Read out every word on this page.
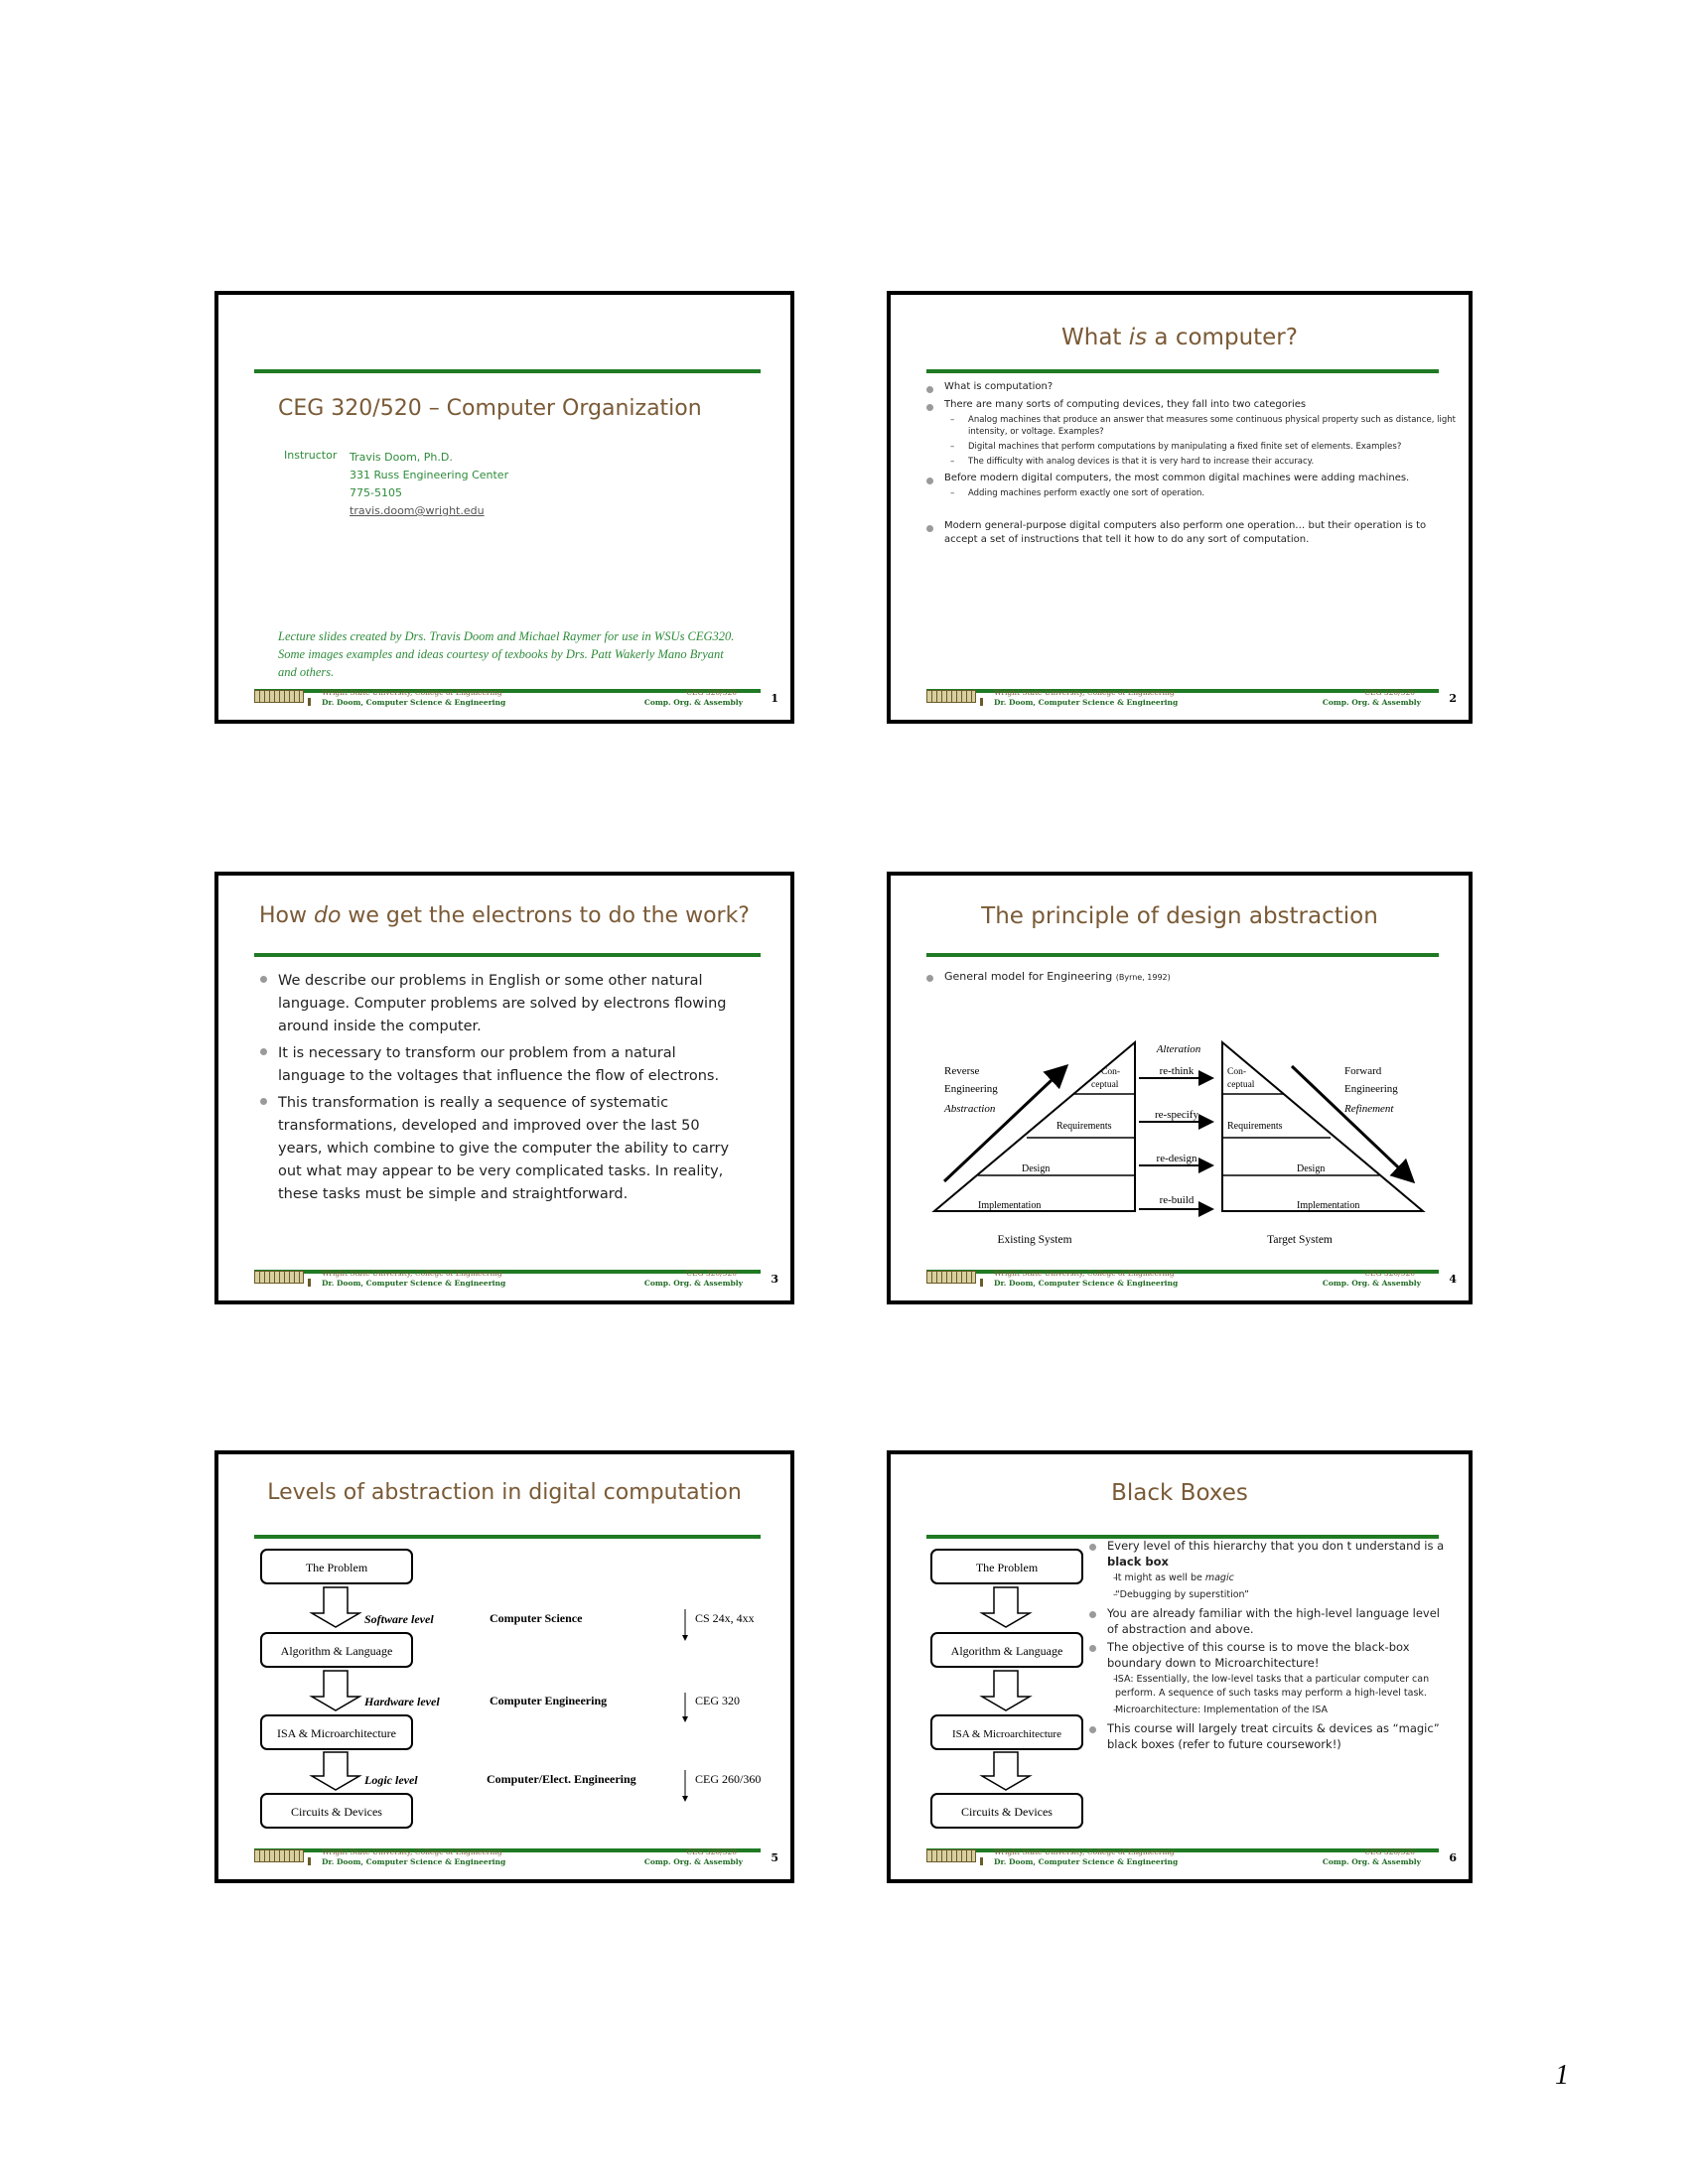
CEG 320/520 – Computer Organization
Instructor Travis Doom, Ph.D.
331 Russ Engineering Center
775-5105
travis.doom@wright.edu
Lecture slides created by Drs. Travis Doom and Michael Raymer for use in WSUs CEG320. Some images examples and ideas courtesy of texbooks by Drs. Patt Wakerly Mano Bryant and others.
Wright State University, College of Engineering
Dr. Doom, Computer Science & Engineering
CEG 320/520
Comp. Org. & Assembly	1
What is a computer?
What is computation?
There are many sorts of computing devices, they fall into two categories
– Analog machines that produce an answer that measures some continuous physical property such as distance, light intensity, or voltage. Examples?
– Digital machines that perform computations by manipulating a fixed finite set of elements. Examples?
– The difficulty with analog devices is that it is very hard to increase their accuracy.
Before modern digital computers, the most common digital machines were adding machines.
– Adding machines perform exactly one sort of operation.
Modern general-purpose digital computers also perform one operation… but their operation is to accept a set of instructions that tell it how to do any sort of computation.
Wright State University, College of Engineering
Dr. Doom, Computer Science & Engineering
CEG 320/520
Comp. Org. & Assembly	2
How do we get the electrons to do the work?
We describe our problems in English or some other natural language. Computer problems are solved by electrons flowing around inside the computer.
It is necessary to transform our problem from a natural language to the voltages that influence the flow of electrons.
This transformation is really a sequence of systematic transformations, developed and improved over the last 50 years, which combine to give the computer the ability to carry out what may appear to be very complicated tasks. In reality, these tasks must be simple and straightforward.
Wright State University, College of Engineering
Dr. Doom, Computer Science & Engineering
CEG 320/520
Comp. Org. & Assembly	3
The principle of design abstraction
General model for Engineering (Byrne, 1992)
Alteration
re-think
re-specify
re-design
re-build
Reverse
Engineering
Abstraction
Forward
Engineering
Refinement
Con-
ceptual
Requirements
Design
Implementation
Con-
ceptual
Requirements
Design
Implementation
Existing System	Target System
Wright State University, College of Engineering
Dr. Doom, Computer Science & Engineering
CEG 320/520
Comp. Org. & Assembly	4
Levels of abstraction in digital computation
The Problem
Algorithm & Language
ISA & Microarchitecture
Circuits & Devices
Software level
Hardware level
Logic level
Computer Science
Computer Engineering
Computer/Elect. Engineering
CS 24x, 4xx
CEG 320
CEG 260/360
Wright State University, College of Engineering
Dr. Doom, Computer Science & Engineering
CEG 320/520
Comp. Org. & Assembly	5
Black Boxes
The Problem
Algorithm & Language
ISA & Microarchitecture
Circuits & Devices
Every level of this hierarchy that you don t understand is a black box
– It might as well be magic
– “Debugging by superstition”
You are already familiar with the high-level language level of abstraction and above.
The objective of this course is to move the black-box boundary down to Microarchitecture!
– ISA: Essentially, the low-level tasks that a particular computer can perform. A sequence of such tasks may perform a high-level task.
– Microarchitecture: Implementation of the ISA
This course will largely treat circuits & devices as “magic” black boxes (refer to future coursework!)
Wright State University, College of Engineering
Dr. Doom, Computer Science & Engineering
CEG 320/520
Comp. Org. & Assembly	6
1
